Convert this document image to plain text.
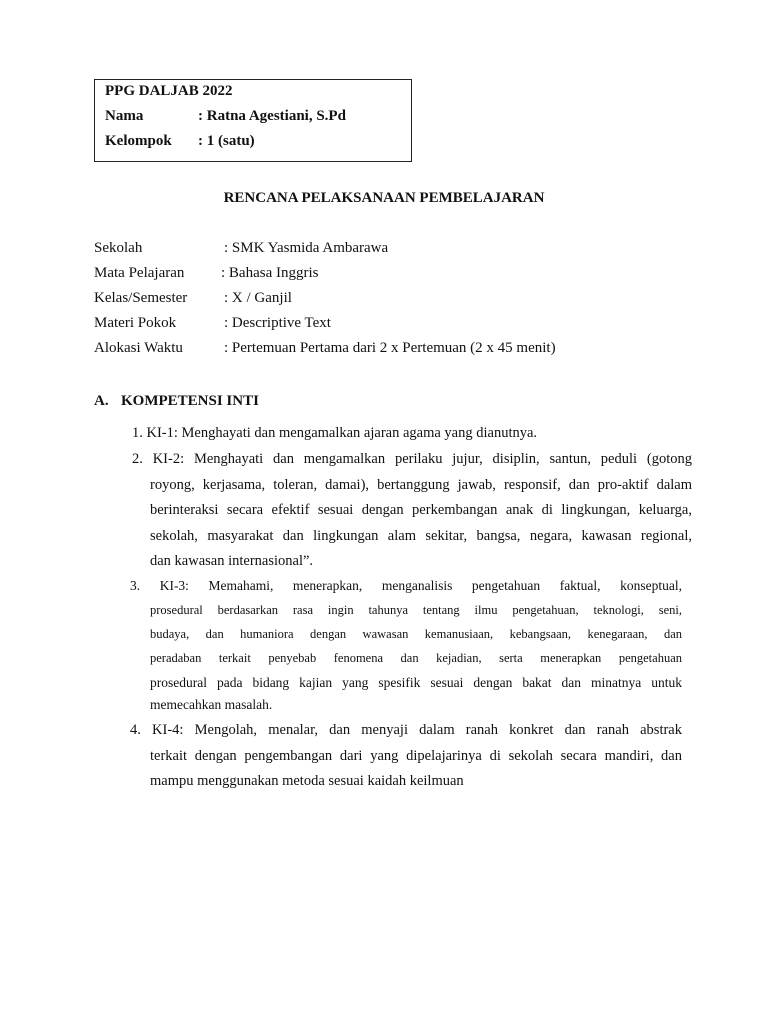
PPG DALJAB 2022
Nama	: Ratna Agestiani, S.Pd
Kelompok : 1 (satu)
RENCANA PELAKSANAAN PEMBELAJARAN
Sekolah	: SMK Yasmida Ambarawa
Mata Pelajaran : Bahasa Inggris
Kelas/Semester : X / Ganjil
Materi Pokok	: Descriptive Text
Alokasi Waktu	: Pertemuan Pertama dari 2 x Pertemuan (2 x 45 menit)
A. KOMPETENSI INTI
1. KI-1: Menghayati dan mengamalkan ajaran agama yang dianutnya.
2. KI-2: Menghayati dan mengamalkan perilaku jujur, disiplin, santun, peduli (gotong
royong, kerjasama, toleran, damai), bertanggung jawab, responsif, dan pro-aktif dalam
berinteraksi secara efektif sesuai dengan perkembangan anak di lingkungan, keluarga,
sekolah, masyarakat dan lingkungan alam sekitar, bangsa, negara, kawasan regional,
dan kawasan internasional”.
3. KI-3: Memahami, menerapkan, menganalisis pengetahuan faktual, konseptual,
prosedural berdasarkan rasa ingin tahunya tentang ilmu pengetahuan, teknologi, seni,
budaya, dan humaniora dengan wawasan kemanusiaan, kebangsaan, kenegaraan, dan
peradaban terkait penyebab fenomena dan kejadian, serta menerapkan pengetahuan
prosedural pada bidang kajian yang spesifik sesuai dengan bakat dan minatnya untuk
memecahkan masalah.
4. KI-4: Mengolah, menalar, dan menyaji dalam ranah konkret dan ranah abstrak
terkait dengan pengembangan dari yang dipelajarinya di sekolah secara mandiri, dan
mampu menggunakan metoda sesuai kaidah keilmuan
